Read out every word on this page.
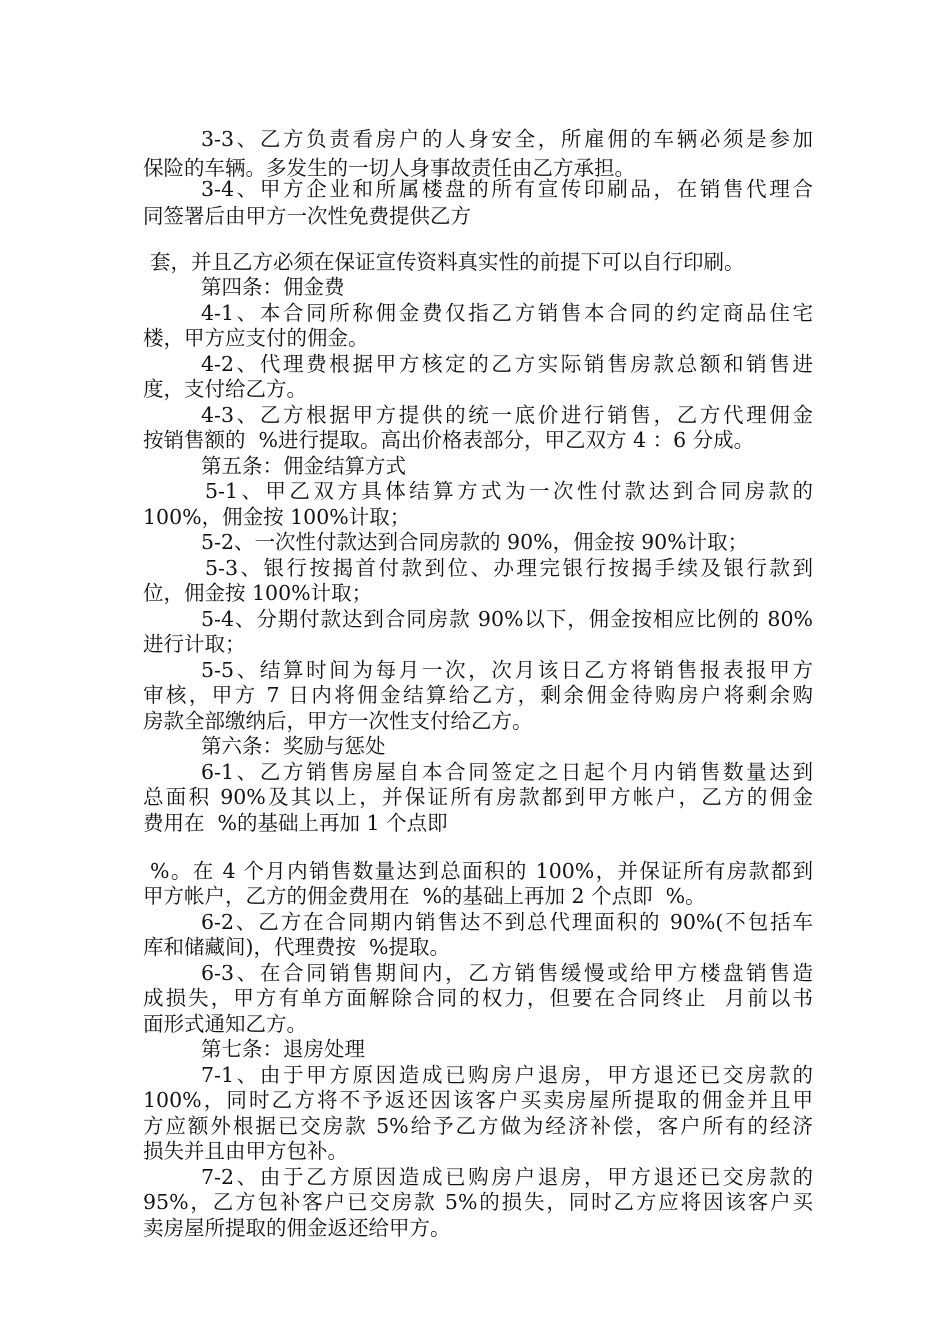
3-3、乙方负责看房户的人身安全，所雇佣的车辆必须是参加
保险的车辆。多发生的一切人身事故责任由乙方承担。
3-4、甲方企业和所属楼盘的所有宣传印刷品，在销售代理合
同签署后由甲方一次性免费提供乙方
套，并且乙方必须在保证宣传资料真实性的前提下可以自行印刷。
第四条：佣金费
4-1、本合同所称佣金费仅指乙方销售本合同的约定商品住宅
楼，甲方应支付的佣金。
4-2、代理费根据甲方核定的乙方实际销售房款总额和销售进
度，支付给乙方。
4-3、乙方根据甲方提供的统一底价进行销售，乙方代理佣金
按销售额的  %进行提取。高出价格表部分，甲乙双方 4 ：6 分成。
第五条：佣金结算方式
5-1、甲乙双方具体结算方式为一次性付款达到合同房款的
100%，佣金按 100%计取；
5-2、一次性付款达到合同房款的 90%，佣金按 90%计取；
5-3、银行按揭首付款到位、办理完银行按揭手续及银行款到
位，佣金按 100%计取；
5-4、分期付款达到合同房款 90%以下，佣金按相应比例的 80%
进行计取；
5-5、结算时间为每月一次，次月该日乙方将销售报表报甲方
审核，甲方 7 日内将佣金结算给乙方，剩余佣金待购房户将剩余购
房款全部缴纳后，甲方一次性支付给乙方。
第六条：奖励与惩处
6-1、乙方销售房屋自本合同签定之日起个月内销售数量达到
总面积 90%及其以上，并保证所有房款都到甲方帐户，乙方的佣金
费用在  %的基础上再加 1 个点即
%。在 4 个月内销售数量达到总面积的 100%，并保证所有房款都到
甲方帐户，乙方的佣金费用在  %的基础上再加 2 个点即  %。
6-2、乙方在合同期内销售达不到总代理面积的 90%(不包括车
库和储藏间)，代理费按  %提取。
6-3、在合同销售期间内，乙方销售缓慢或给甲方楼盘销售造
成损失，甲方有单方面解除合同的权力，但要在合同终止  月前以书
面形式通知乙方。
第七条：退房处理
7-1、由于甲方原因造成已购房户退房，甲方退还已交房款的
100%，同时乙方将不予返还因该客户买卖房屋所提取的佣金并且甲
方应额外根据已交房款 5%给予乙方做为经济补偿，客户所有的经济
损失并且由甲方包补。
7-2、由于乙方原因造成已购房户退房，甲方退还已交房款的
95%，乙方包补客户已交房款 5%的损失，同时乙方应将因该客户买
卖房屋所提取的佣金返还给甲方。
